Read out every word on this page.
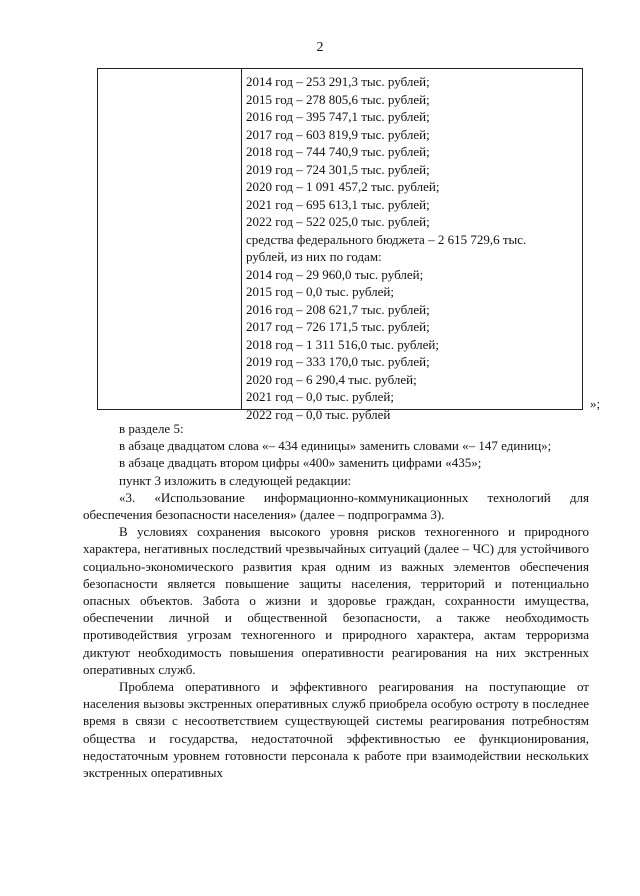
2
2014 год – 253 291,3 тыс. рублей;
2015 год – 278 805,6 тыс. рублей;
2016 год – 395 747,1 тыс. рублей;
2017 год – 603 819,9 тыс. рублей;
2018 год – 744 740,9 тыс. рублей;
2019 год – 724 301,5 тыс. рублей;
2020 год – 1 091 457,2 тыс. рублей;
2021 год – 695 613,1 тыс. рублей;
2022 год – 522 025,0 тыс. рублей;
средства федерального бюджета – 2 615 729,6 тыс.
рублей, из них по годам:
2014 год – 29 960,0 тыс. рублей;
2015 год – 0,0 тыс. рублей;
2016 год – 208 621,7 тыс. рублей;
2017 год – 726 171,5 тыс. рублей;
2018 год – 1 311 516,0 тыс. рублей;
2019 год – 333 170,0 тыс. рублей;
2020 год – 6 290,4 тыс. рублей;
2021 год – 0,0 тыс. рублей;
2022 год – 0,0 тыс. рублей
»;

в разделе 5:

в абзаце двадцатом слова «– 434 единицы» заменить словами «– 147 единиц»;

в абзаце двадцать втором цифры «400» заменить цифрами «435»;

пункт 3 изложить в следующей редакции:

«3. «Использование информационно-коммуникационных технологий для обеспечения безопасности населения» (далее – подпрограмма 3).

В условиях сохранения высокого уровня рисков техногенного и природного характера, негативных последствий чрезвычайных ситуаций (далее – ЧС) для устойчивого социально-экономического развития края одним из важных элементов обеспечения безопасности является повышение защиты населения, территорий и потенциально опасных объектов. Забота о жизни и здоровье граждан, сохранности имущества, обеспечении личной и общественной безопасности, а также необходимость противодействия угрозам техногенного и природного характера, актам терроризма диктуют необходимость повышения оперативности реагирования на них экстренных оперативных служб.

Проблема оперативного и эффективного реагирования на поступающие от населения вызовы экстренных оперативных служб приобрела особую остроту в последнее время в связи с несоответствием существующей системы реагирования потребностям общества и государства, недостаточной эффективностью ее функционирования, недостаточным уровнем готовности персонала к работе при взаимодействии нескольких экстренных оперативных
